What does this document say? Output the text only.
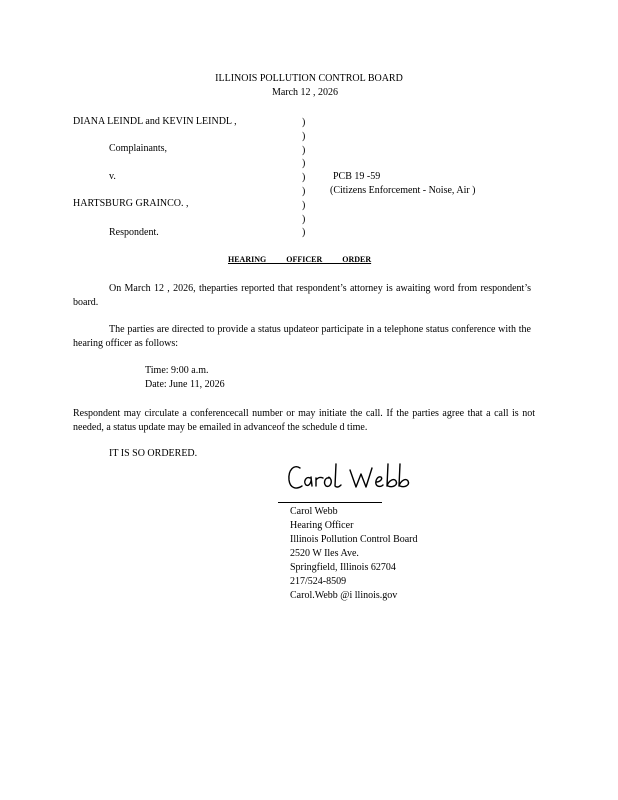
ILLINOIS POLLUTION CONTROL BOARD
March 12 , 2026
DIANA LEINDL and KEVIN LEINDL ,
Complainants,
v.
HARTSBURG GRAINCO. ,
Respondent.
)
)
)
)
)
)
)
)
)
PCB 19 -59
(Citizens Enforcement - Noise, Air )
HEARING          OFFICER          ORDER
On March 12 , 2026, theparties reported that respondent’s attorney is awaiting word from respondent’s board.
The parties are directed to provide a status updateor participate in a telephone status conference with the hearing officer as follows:
Time: 9:00 a.m.
Date: June 11, 2026
Respondent may circulate a conferencecall number or may initiate the call. If the parties agree that a call is not needed, a status update may be emailed in advanceof the schedule d time.
IT IS SO ORDERED.
Carol Webb
Hearing Officer
Illinois Pollution Control Board
2520 W Iles Ave.
Springfield, Illinois 62704
217/524-8509
Carol.Webb @i llinois.gov
